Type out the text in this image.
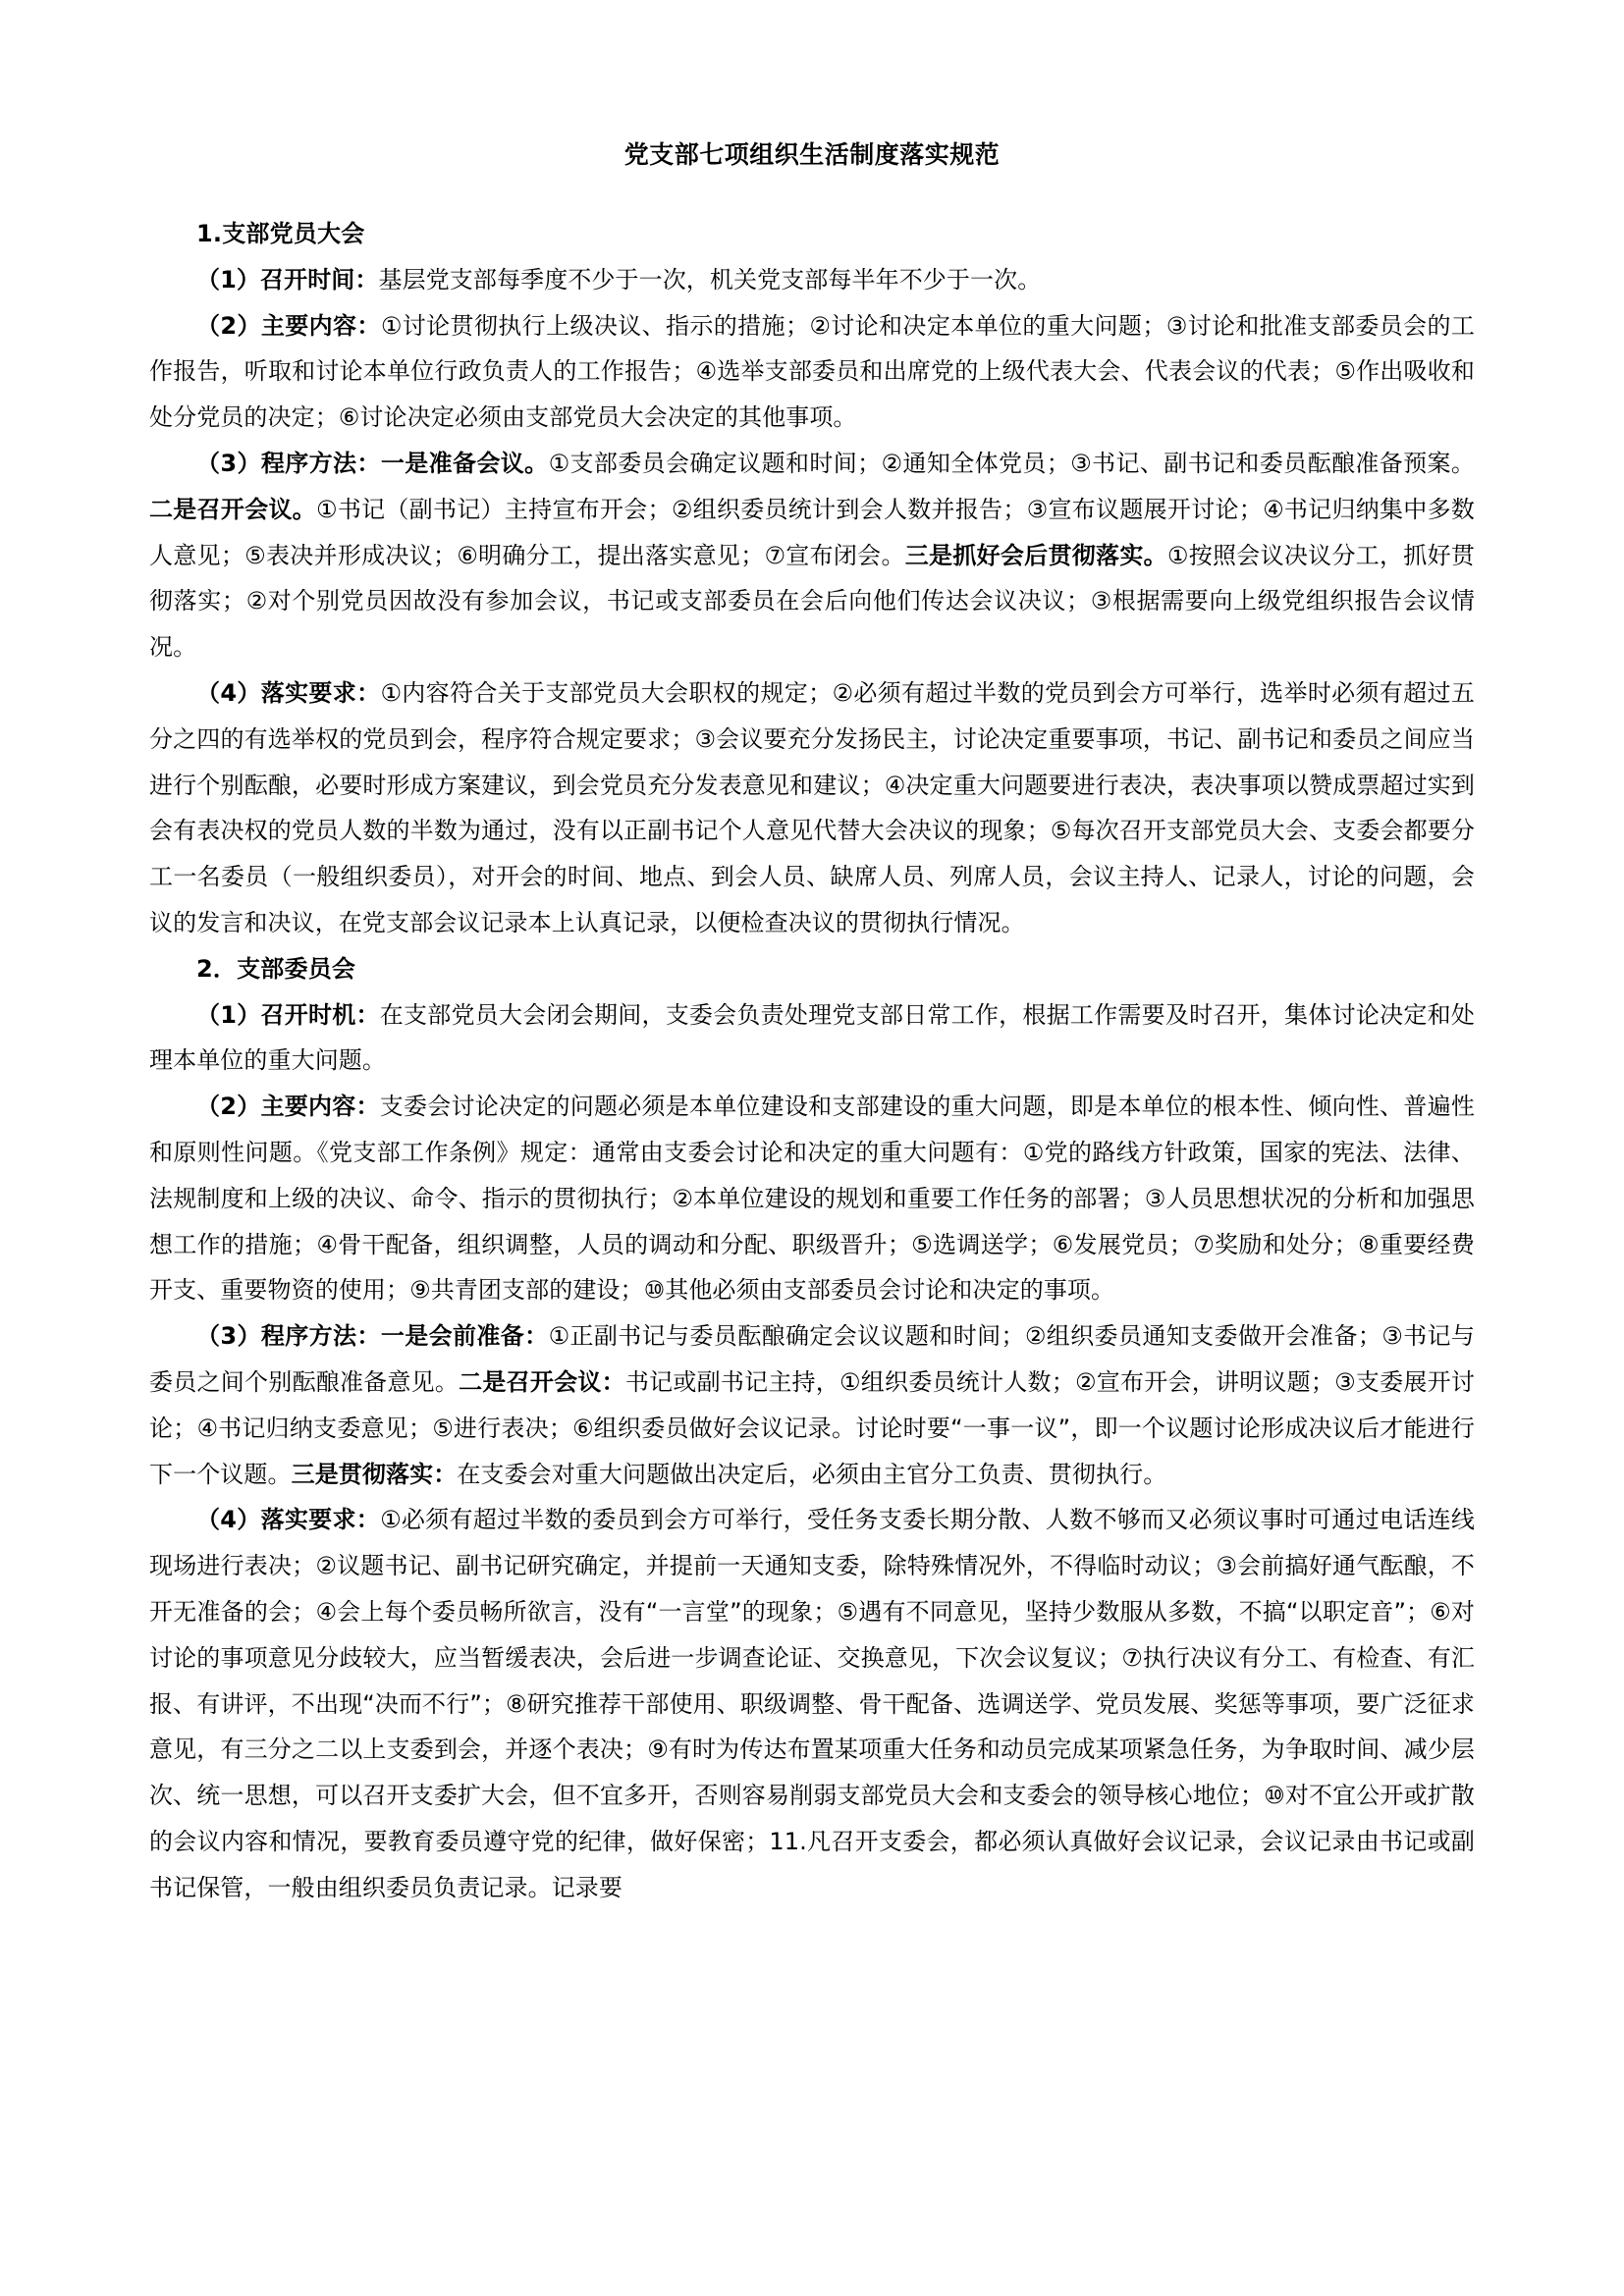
党支部七项组织生活制度落实规范

1.支部党员大会

（1）召开时间：基层党支部每季度不少于一次，机关党支部每半年不少于一次。

（2）主要内容：①讨论贯彻执行上级决议、指示的措施；②讨论和决定本单位的重大问题；③讨论和批准支部委员会的工作报告，听取和讨论本单位行政负责人的工作报告；④选举支部委员和出席党的上级代表大会、代表会议的代表；⑤作出吸收和处分党员的决定；⑥讨论决定必须由支部党员大会决定的其他事项。

（3）程序方法：一是准备会议。①支部委员会确定议题和时间；②通知全体党员；③书记、副书记和委员酝酿准备预案。二是召开会议。①书记（副书记）主持宣布开会；②组织委员统计到会人数并报告；③宣布议题展开讨论；④书记归纳集中多数人意见；⑤表决并形成决议；⑥明确分工，提出落实意见；⑦宣布闭会。三是抓好会后贯彻落实。①按照会议决议分工，抓好贯彻落实；②对个别党员因故没有参加会议，书记或支部委员在会后向他们传达会议决议；③根据需要向上级党组织报告会议情况。

（4）落实要求：①内容符合关于支部党员大会职权的规定；②必须有超过半数的党员到会方可举行，选举时必须有超过五分之四的有选举权的党员到会，程序符合规定要求；③会议要充分发扬民主，讨论决定重要事项，书记、副书记和委员之间应当进行个别酝酿，必要时形成方案建议，到会党员充分发表意见和建议；④决定重大问题要进行表决，表决事项以赞成票超过实到会有表决权的党员人数的半数为通过，没有以正副书记个人意见代替大会决议的现象；⑤每次召开支部党员大会、支委会都要分工一名委员（一般组织委员），对开会的时间、地点、到会人员、缺席人员、列席人员，会议主持人、记录人，讨论的问题，会议的发言和决议，在党支部会议记录本上认真记录，以便检查决议的贯彻执行情况。

2．支部委员会

（1）召开时机：在支部党员大会闭会期间，支委会负责处理党支部日常工作，根据工作需要及时召开，集体讨论决定和处理本单位的重大问题。

（2）主要内容：支委会讨论决定的问题必须是本单位建设和支部建设的重大问题，即是本单位的根本性、倾向性、普遍性和原则性问题。《党支部工作条例》规定：通常由支委会讨论和决定的重大问题有：①党的路线方针政策，国家的宪法、法律、法规制度和上级的决议、命令、指示的贯彻执行；②本单位建设的规划和重要工作任务的部署；③人员思想状况的分析和加强思想工作的措施；④骨干配备，组织调整，人员的调动和分配、职级晋升；⑤选调送学；⑥发展党员；⑦奖励和处分；⑧重要经费开支、重要物资的使用；⑨共青团支部的建设；⑩其他必须由支部委员会讨论和决定的事项。

（3）程序方法：一是会前准备：①正副书记与委员酝酿确定会议议题和时间；②组织委员通知支委做开会准备；③书记与委员之间个别酝酿准备意见。二是召开会议：书记或副书记主持，①组织委员统计人数；②宣布开会，讲明议题；③支委展开讨论；④书记归纳支委意见；⑤进行表决；⑥组织委员做好会议记录。讨论时要“一事一议”，即一个议题讨论形成决议后才能进行下一个议题。三是贯彻落实：在支委会对重大问题做出决定后，必须由主官分工负责、贯彻执行。

（4）落实要求：①必须有超过半数的委员到会方可举行，受任务支委长期分散、人数不够而又必须议事时可通过电话连线现场进行表决；②议题书记、副书记研究确定，并提前一天通知支委，除特殊情况外，不得临时动议；③会前搞好通气酝酿，不开无准备的会；④会上每个委员畅所欲言，没有“一言堂”的现象；⑤遇有不同意见，坚持少数服从多数，不搞“以职定音”；⑥对讨论的事项意见分歧较大，应当暂缓表决，会后进一步调查论证、交换意见，下次会议复议；⑦执行决议有分工、有检查、有汇报、有讲评，不出现“决而不行”；⑧研究推荐干部使用、职级调整、骨干配备、选调送学、党员发展、奖惩等事项，要广泛征求意见，有三分之二以上支委到会，并逐个表决；⑨有时为传达布置某项重大任务和动员完成某项紧急任务，为争取时间、减少层次、统一思想，可以召开支委扩大会，但不宜多开，否则容易削弱支部党员大会和支委会的领导核心地位；⑩对不宜公开或扩散的会议内容和情况，要教育委员遵守党的纪律，做好保密；11.凡召开支委会，都必须认真做好会议记录，会议记录由书记或副书记保管，一般由组织委员负责记录。记录要
